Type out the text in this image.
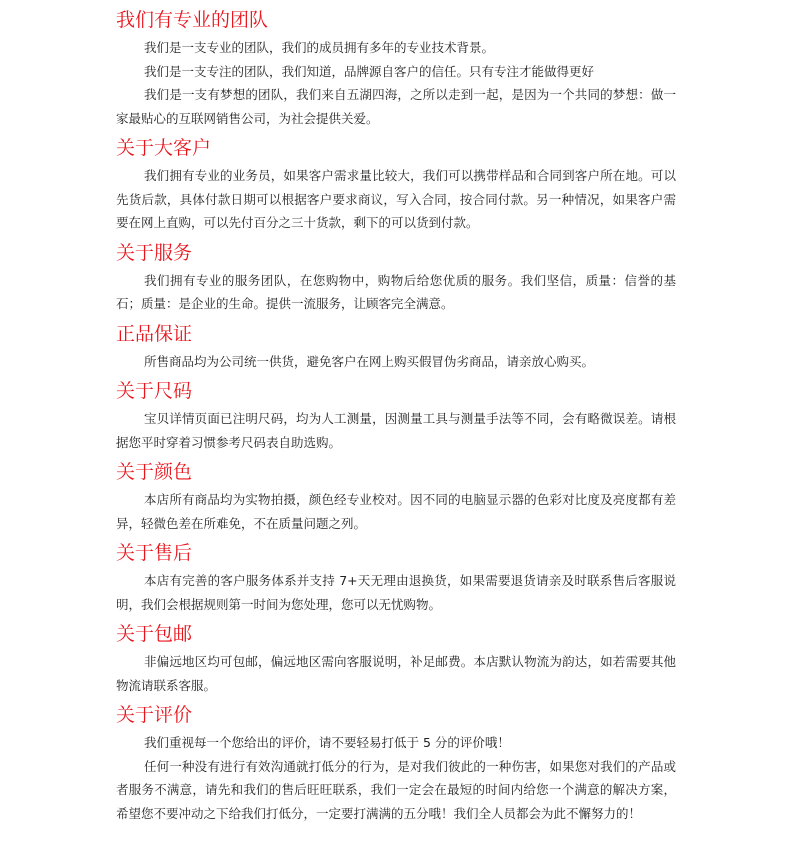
我们有专业的团队

我们是一支专业的团队，我们的成员拥有多年的专业技术背景。

我们是一支专注的团队，我们知道，品牌源自客户的信任。只有专注才能做得更好

我们是一支有梦想的团队，我们来自五湖四海，之所以走到一起，是因为一个共同的梦想：做一家最贴心的互联网销售公司，为社会提供关爱。

关于大客户

我们拥有专业的业务员，如果客户需求量比较大，我们可以携带样品和合同到客户所在地。可以先货后款，具体付款日期可以根据客户要求商议，写入合同，按合同付款。另一种情况，如果客户需要在网上直购，可以先付百分之三十货款，剩下的可以货到付款。

关于服务

我们拥有专业的服务团队，在您购物中，购物后给您优质的服务。我们坚信，质量：信誉的基石；质量：是企业的生命。提供一流服务，让顾客完全满意。

正品保证

所售商品均为公司统一供货，避免客户在网上购买假冒伪劣商品，请亲放心购买。

关于尺码

宝贝详情页面已注明尺码，均为人工测量，因测量工具与测量手法等不同，会有略微误差。请根据您平时穿着习惯参考尺码表自助选购。

关于颜色

本店所有商品均为实物拍摄，颜色经专业校对。因不同的电脑显示器的色彩对比度及亮度都有差异，轻微色差在所难免，不在质量问题之列。

关于售后

本店有完善的客户服务体系并支持 7+天无理由退换货，如果需要退货请亲及时联系售后客服说明，我们会根据规则第一时间为您处理，您可以无忧购物。

关于包邮

非偏远地区均可包邮，偏远地区需向客服说明，补足邮费。本店默认物流为韵达，如若需要其他物流请联系客服。

关于评价

我们重视每一个您给出的评价，请不要轻易打低于 5 分的评价哦！

任何一种没有进行有效沟通就打低分的行为，是对我们彼此的一种伤害，如果您对我们的产品或者服务不满意，请先和我们的售后旺旺联系，我们一定会在最短的时间内给您一个满意的解决方案，希望您不要冲动之下给我们打低分，一定要打满满的五分哦！我们全人员都会为此不懈努力的！
